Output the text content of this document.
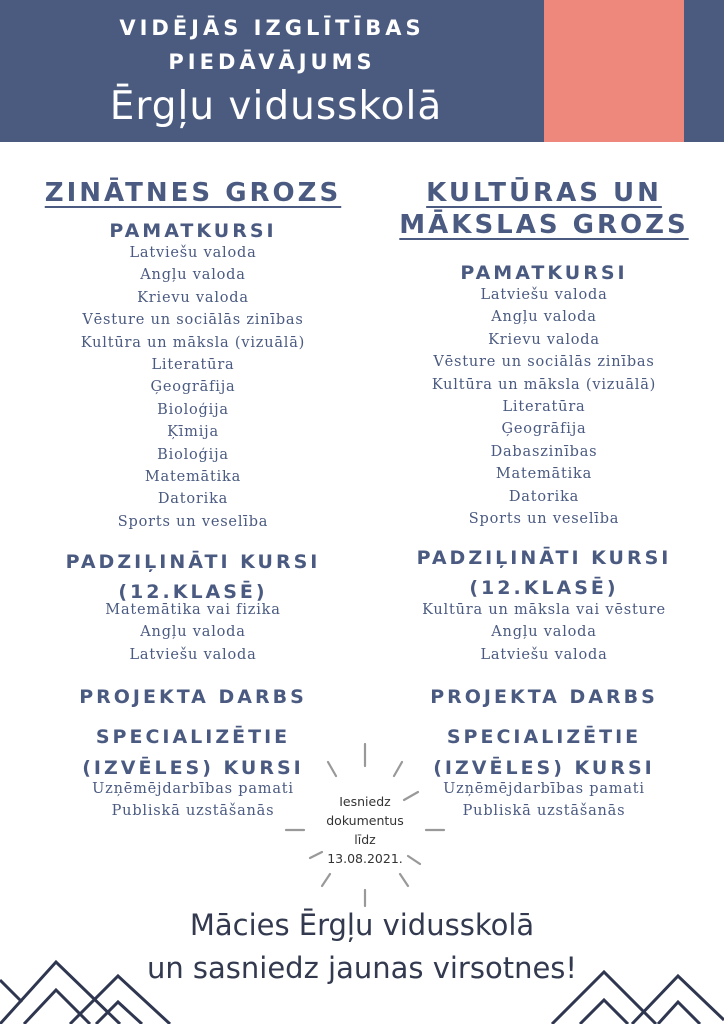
VIDĒJĀS IZGLĪTĪBAS
PIEDĀVĀJUMS
Ērgļu vidusskolā
ZINĀTNES GROZS
PAMATKURSI
Latviešu valoda
Angļu valoda
Krievu valoda
Vēsture un sociālās zinības
Kultūra un māksla (vizuālā)
Literatūra
Ģeogrāfija
Bioloģija
Ķīmija
Bioloģija
Matemātika
Datorika
Sports un veselība
PADZIĻINĀTI KURSI
(12.KLASĒ)
Matemātika vai fizika
Angļu valoda
Latviešu valoda
PROJEKTA DARBS
SPECIALIZĒTIE
(IZVĒLES) KURSI
Uzņēmējdarbības pamati
Publiskā uzstāšanās
KULTŪRAS UN
MĀKSLAS GROZS
PAMATKURSI
Latviešu valoda
Angļu valoda
Krievu valoda
Vēsture un sociālās zinības
Kultūra un māksla (vizuālā)
Literatūra
Ģeogrāfija
Dabaszinības
Matemātika
Datorika
Sports un veselība
PADZIĻINĀTI KURSI
(12.KLASĒ)
Kultūra un māksla vai vēsture
Angļu valoda
Latviešu valoda
PROJEKTA DARBS
SPECIALIZĒTIE
(IZVĒLES) KURSI
Uzņēmējdarbības pamati
Publiskā uzstāšanās
Iesniedz
dokumentus
līdz
13.08.2021.
Mācies Ērgļu vidusskolā
un sasniedz jaunas virsotnes!
